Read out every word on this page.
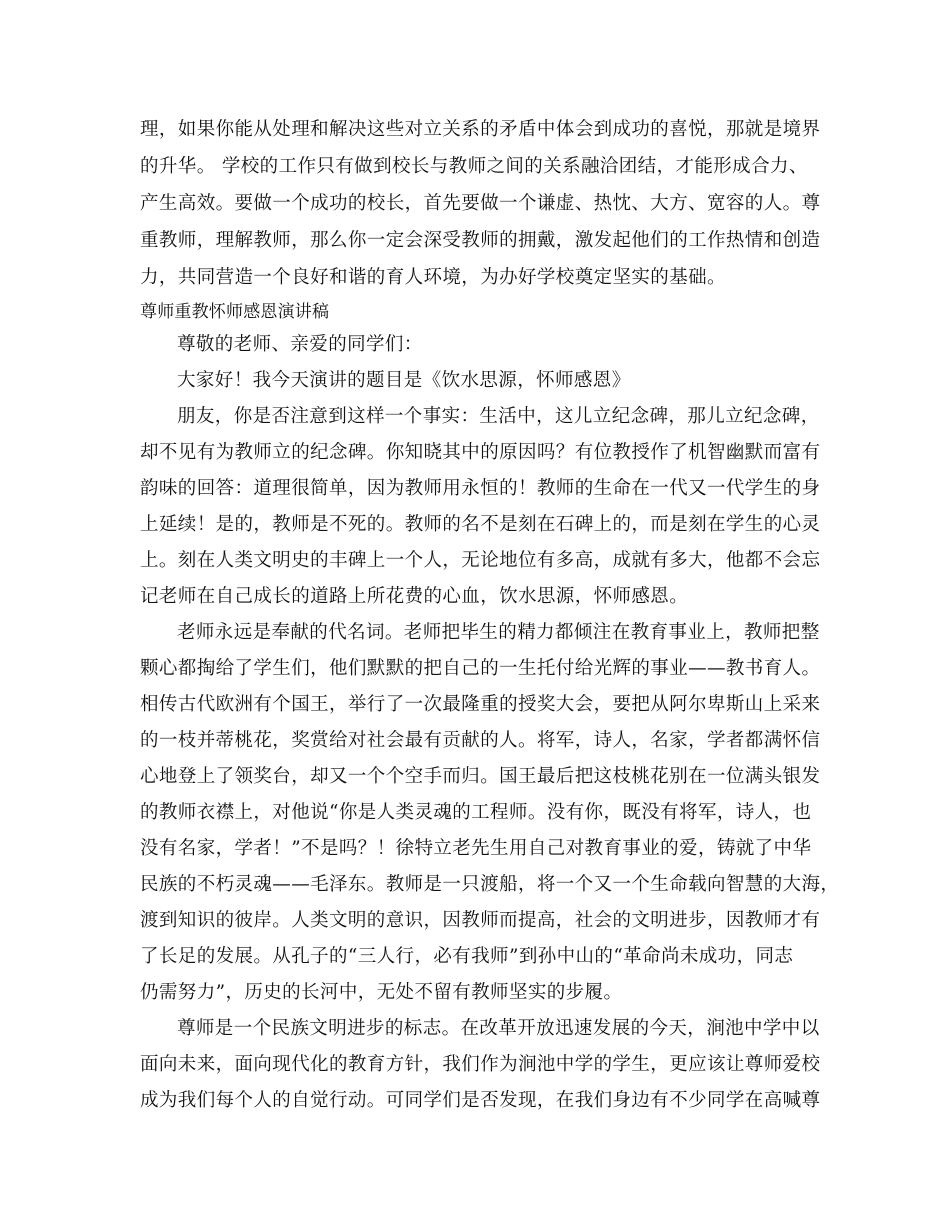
理，如果你能从处理和解决这些对立关系的矛盾中体会到成功的喜悦，那就是境界
的升华。 学校的工作只有做到校长与教师之间的关系融洽团结，才能形成合力、
产生高效。要做一个成功的校长，首先要做一个谦虚、热忱、大方、宽容的人。尊
重教师，理解教师，那么你一定会深受教师的拥戴，激发起他们的工作热情和创造
力，共同营造一个良好和谐的育人环境，为办好学校奠定坚实的基础。
尊师重教怀师感恩演讲稿
尊敬的老师、亲爱的同学们：
大家好！我今天演讲的题目是《饮水思源，怀师感恩》
朋友，你是否注意到这样一个事实：生活中，这儿立纪念碑，那儿立纪念碑，
却不见有为教师立的纪念碑。你知晓其中的原因吗？有位教授作了机智幽默而富有
韵味的回答：道理很简单，因为教师用永恒的！教师的生命在一代又一代学生的身
上延续！是的，教师是不死的。教师的名不是刻在石碑上的，而是刻在学生的心灵
上。刻在人类文明史的丰碑上一个人，无论地位有多高，成就有多大，他都不会忘
记老师在自己成长的道路上所花费的心血，饮水思源，怀师感恩。
老师永远是奉献的代名词。老师把毕生的精力都倾注在教育事业上，教师把整
颗心都掏给了学生们，他们默默的把自己的一生托付给光辉的事业——教书育人。
相传古代欧洲有个国王，举行了一次最隆重的授奖大会，要把从阿尔卑斯山上采来
的一枝并蒂桃花，奖赏给对社会最有贡献的人。将军，诗人，名家，学者都满怀信
心地登上了领奖台，却又一个个空手而归。国王最后把这枝桃花别在一位满头银发
的教师衣襟上，对他说“你是人类灵魂的工程师。没有你，既没有将军，诗人，也
没有名家，学者！”不是吗？！徐特立老先生用自己对教育事业的爱，铸就了中华
民族的不朽灵魂——毛泽东。教师是一只渡船，将一个又一个生命载向智慧的大海，
渡到知识的彼岸。人类文明的意识，因教师而提高，社会的文明进步，因教师才有
了长足的发展。从孔子的“三人行，必有我师”到孙中山的“革命尚未成功，同志
仍需努力”，历史的长河中，无处不留有教师坚实的步履。
尊师是一个民族文明进步的标志。在改革开放迅速发展的今天，涧池中学中以
面向未来，面向现代化的教育方针，我们作为涧池中学的学生，更应该让尊师爱校
成为我们每个人的自觉行动。可同学们是否发现，在我们身边有不少同学在高喊尊
